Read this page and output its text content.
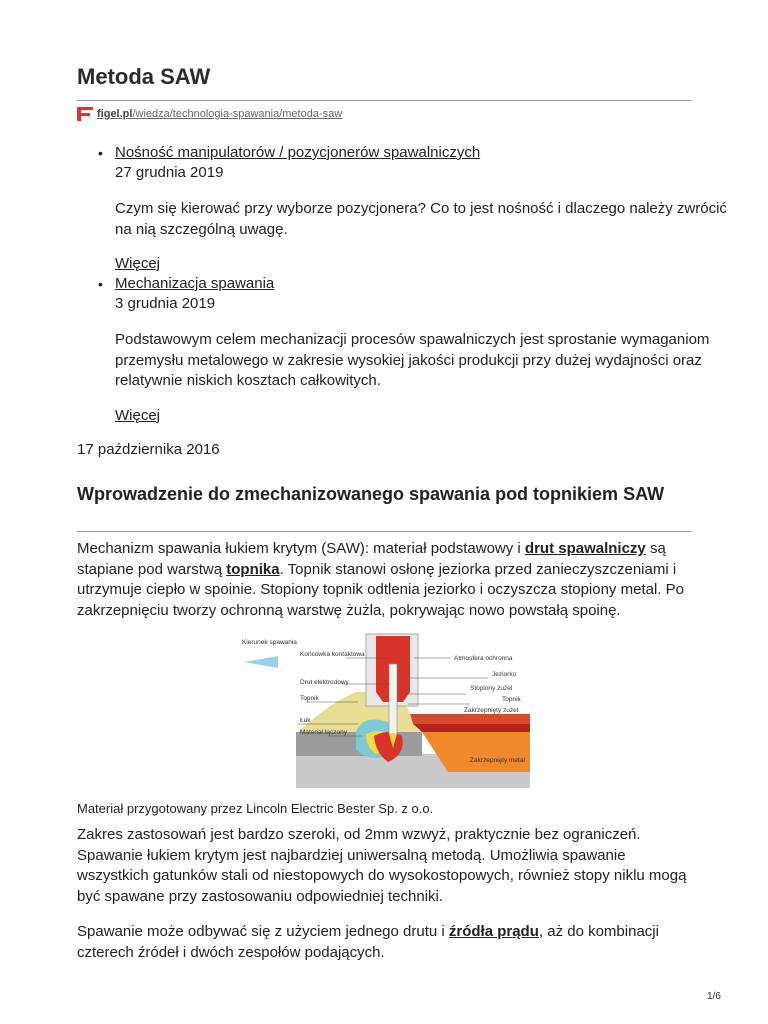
Metoda SAW
figel.pl/wiedza/technologia-spawania/metoda-saw
• Nośność manipulatorów / pozycjonerów spawalniczych
27 grudnia 2019

Czym się kierować przy wyborze pozycjonera? Co to jest nośność i dlaczego należy zwrócić na nią szczególną uwagę.

Więcej
• Mechanizacja spawania
3 grudnia 2019

Podstawowym celem mechanizacji procesów spawalniczych jest sprostanie wymaganiom przemysłu metalowego w zakresie wysokiej jakości produkcji przy dużej wydajności oraz relatywnie niskich kosztach całkowitych.

Więcej
17 października 2016
Wprowadzenie do zmechanizowanego spawania pod topnikiem SAW

Mechanizm spawania łukiem krytym (SAW): materiał podstawowy i drut spawalniczy są stapiane pod warstwą topnika. Topnik stanowi osłonę jeziorka przed zanieczyszczeniami i utrzymuje ciepło w spoinie. Stopiony topnik odtlenia jeziorko i oczyszcza stopiony metal. Po zakrzepnięciu tworzy ochronną warstwę żużla, pokrywając nowo powstałą spoinę.

Kierunek spawania
Końcówka kontaktowa
Drut elektrodowy
Topnik
Łuk
Materiał łączony
Atmosfera ochronna
Jeziorko
Stopiony żużel
Topnik
Zakrzepnięty żużel
Zakrzepnięty metal
Materiał przygotowany przez Lincoln Electric Bester Sp. z o.o.

Zakres zastosowań jest bardzo szeroki, od 2mm wzwyż, praktycznie bez ograniczeń. Spawanie łukiem krytym jest najbardziej uniwersalną metodą. Umożliwia spawanie wszystkich gatunków stali od niestopowych do wysokostopowych, również stopy niklu mogą być spawane przy zastosowaniu odpowiedniej techniki.

Spawanie może odbywać się z użyciem jednego drutu i źródła prądu, aż do kombinacji czterech źródeł i dwóch zespołów podających.

1/6
